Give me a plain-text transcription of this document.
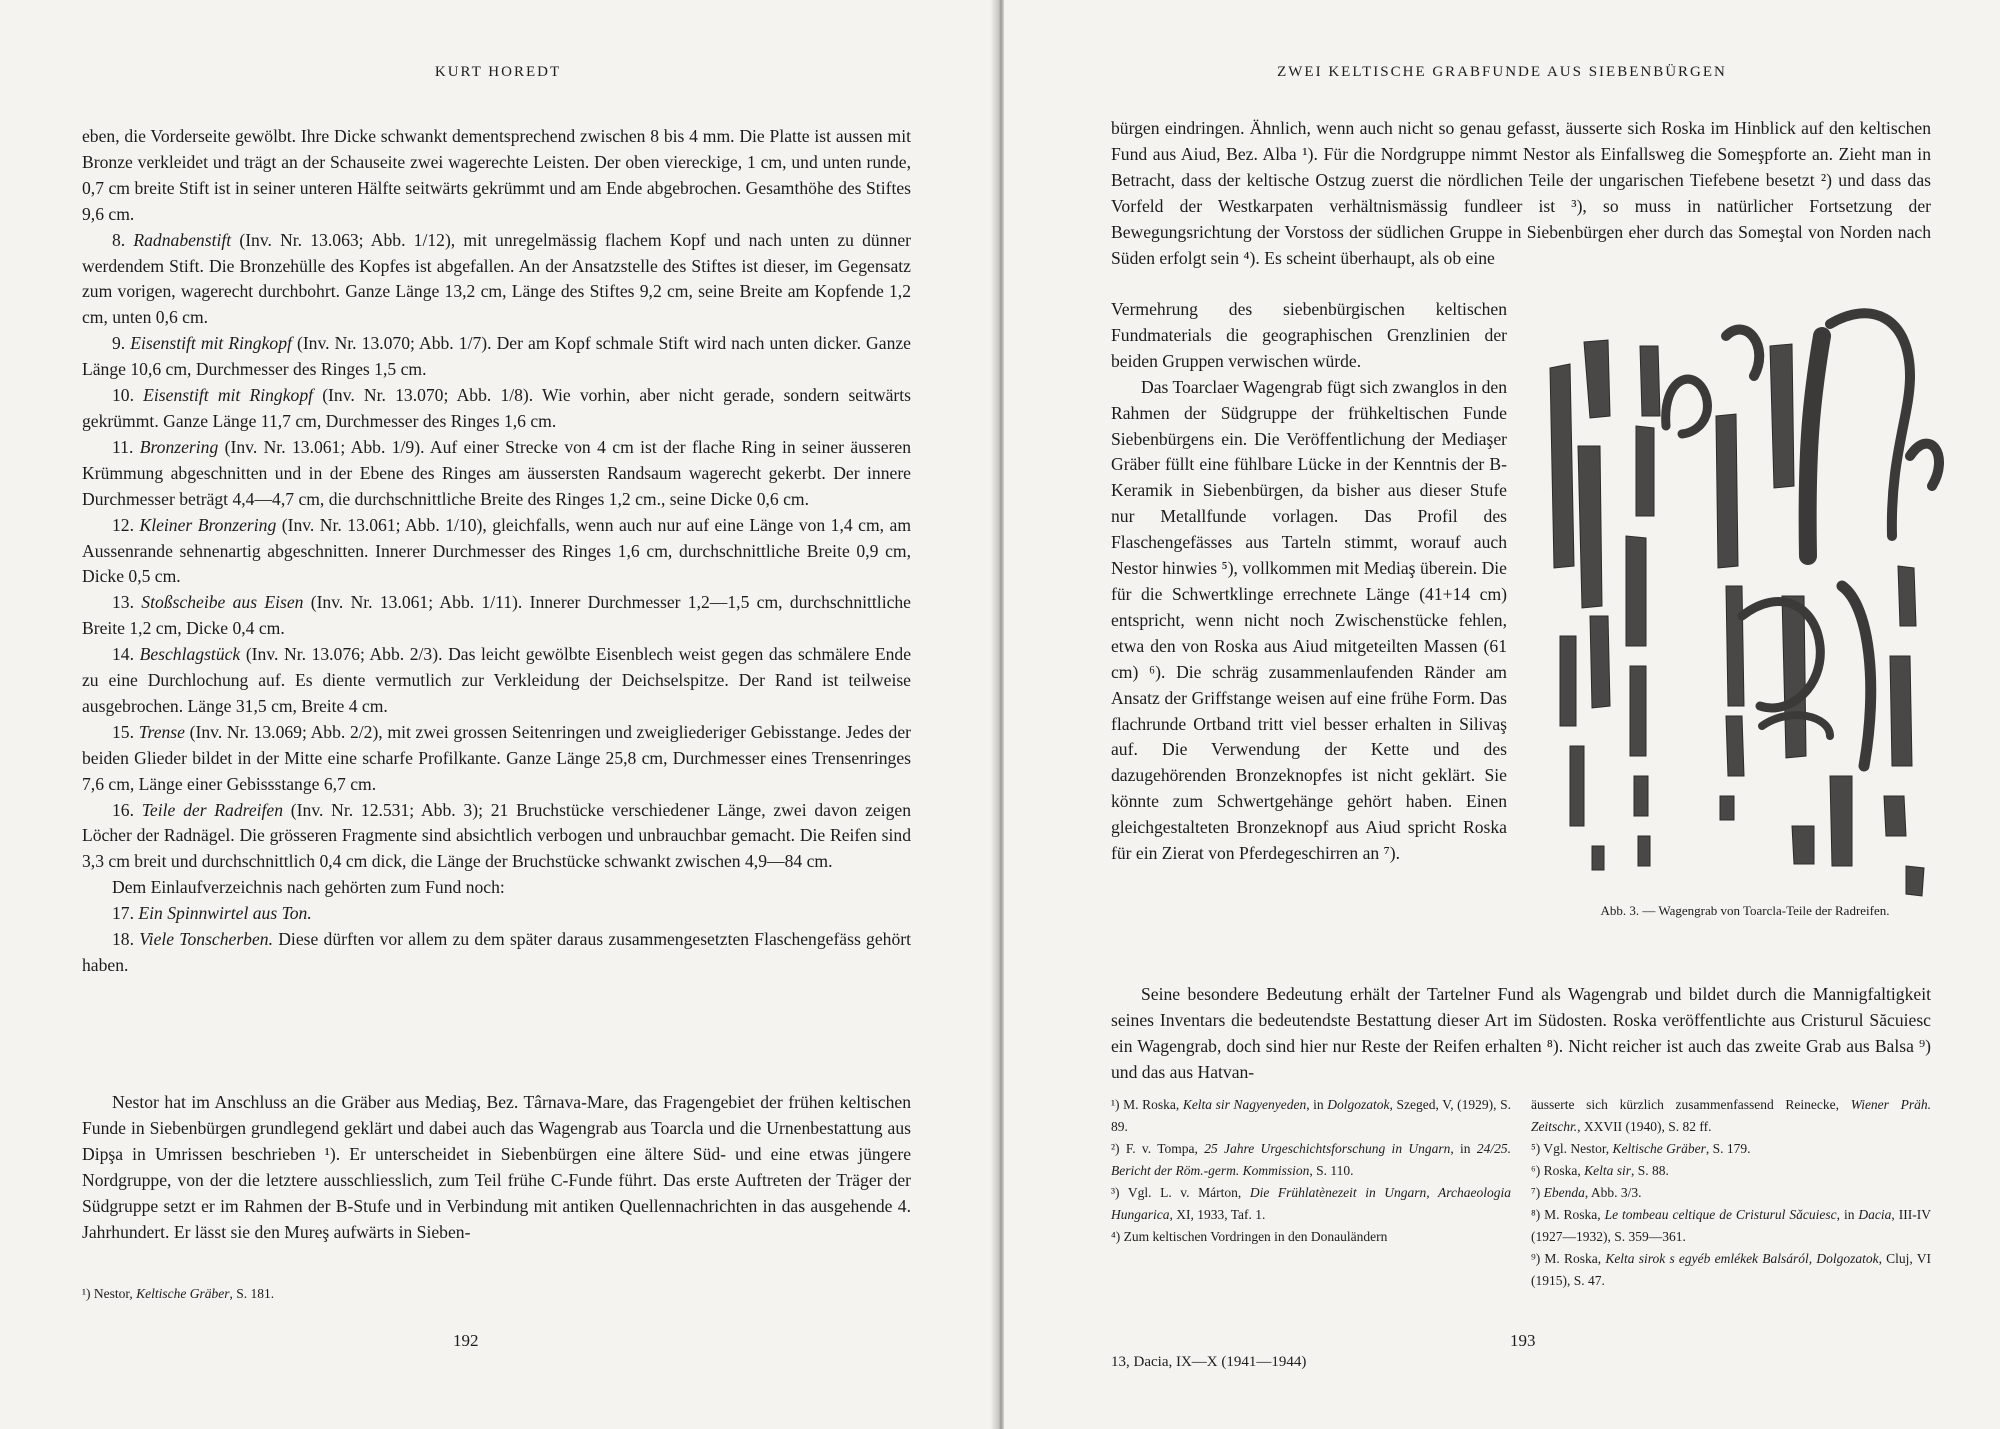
KURT HOREDT

eben, die Vorderseite gewölbt. Ihre Dicke schwankt dementsprechend zwischen 8 bis 4 mm. Die Platte ist aussen mit Bronze verkleidet und trägt an der Schauseite zwei wagerechte Leisten. Der oben viereckige, 1 cm, und unten runde, 0,7 cm breite Stift ist in seiner unteren Hälfte seitwärts gekrümmt und am Ende abgebrochen. Gesamthöhe des Stiftes 9,6 cm.

8. Radnabenstift (Inv. Nr. 13.063; Abb. 1/12), mit unregelmässig flachem Kopf und nach unten zu dünner werdendem Stift. Die Bronzehülle des Kopfes ist abgefallen. An der Ansatzstelle des Stiftes ist dieser, im Gegensatz zum vorigen, wagerecht durchbohrt. Ganze Länge 13,2 cm, Länge des Stiftes 9,2 cm, seine Breite am Kopfende 1,2 cm, unten 0,6 cm.

9. Eisenstift mit Ringkopf (Inv. Nr. 13.070; Abb. 1/7). Der am Kopf schmale Stift wird nach unten dicker. Ganze Länge 10,6 cm, Durchmesser des Ringes 1,5 cm.

10. Eisenstift mit Ringkopf (Inv. Nr. 13.070; Abb. 1/8). Wie vorhin, aber nicht gerade, sondern seitwärts gekrümmt. Ganze Länge 11,7 cm, Durchmesser des Ringes 1,6 cm.

11. Bronzering (Inv. Nr. 13.061; Abb. 1/9). Auf einer Strecke von 4 cm ist der flache Ring in seiner äusseren Krümmung abgeschnitten und in der Ebene des Ringes am äussersten Randsaum wagerecht gekerbt. Der innere Durchmesser beträgt 4,4—4,7 cm, die durchschnittliche Breite des Ringes 1,2 cm., seine Dicke 0,6 cm.

12. Kleiner Bronzering (Inv. Nr. 13.061; Abb. 1/10), gleichfalls, wenn auch nur auf eine Länge von 1,4 cm, am Aussenrande sehnenartig abgeschnitten. Innerer Durchmesser des Ringes 1,6 cm, durchschnittliche Breite 0,9 cm, Dicke 0,5 cm.

13. Stoßscheibe aus Eisen (Inv. Nr. 13.061; Abb. 1/11). Innerer Durchmesser 1,2—1,5 cm, durchschnittliche Breite 1,2 cm, Dicke 0,4 cm.

14. Beschlagstück (Inv. Nr. 13.076; Abb. 2/3). Das leicht gewölbte Eisenblech weist gegen das schmälere Ende zu eine Durchlochung auf. Es diente vermutlich zur Verkleidung der Deichselspitze. Der Rand ist teilweise ausgebrochen. Länge 31,5 cm, Breite 4 cm.

15. Trense (Inv. Nr. 13.069; Abb. 2/2), mit zwei grossen Seitenringen und zweigliederiger Gebisstange. Jedes der beiden Glieder bildet in der Mitte eine scharfe Profilkante. Ganze Länge 25,8 cm, Durchmesser eines Trensenringes 7,6 cm, Länge einer Gebissstange 6,7 cm.

16. Teile der Radreifen (Inv. Nr. 12.531; Abb. 3); 21 Bruchstücke verschiedener Länge, zwei davon zeigen Löcher der Radnägel. Die grösseren Fragmente sind absichtlich verbogen und unbrauchbar gemacht. Die Reifen sind 3,3 cm breit und durchschnittlich 0,4 cm dick, die Länge der Bruchstücke schwankt zwischen 4,9—84 cm.

Dem Einlaufverzeichnis nach gehörten zum Fund noch:

17. Ein Spinnwirtel aus Ton.

18. Viele Tonscherben. Diese dürften vor allem zu dem später daraus zusammengesetzten Flaschengefäss gehört haben.

Nestor hat im Anschluss an die Gräber aus Mediaş, Bez. Târnava-Mare, das Fragengebiet der frühen keltischen Funde in Siebenbürgen grundlegend geklärt und dabei auch das Wagengrab aus Toarcla und die Urnenbestattung aus Dipşa in Umrissen beschrieben ¹). Er unterscheidet in Siebenbürgen eine ältere Süd- und eine etwas jüngere Nordgruppe, von der die letztere ausschliesslich, zum Teil frühe C-Funde führt. Das erste Auftreten der Träger der Südgruppe setzt er im Rahmen der B-Stufe und in Verbindung mit antiken Quellennachrichten in das ausgehende 4. Jahrhundert. Er lässt sie den Mureş aufwärts in Sieben-

¹) Nestor, Keltische Gräber, S. 181.

192
ZWEI KELTISCHE GRABFUNDE AUS SIEBENBÜRGEN

bürgen eindringen. Ähnlich, wenn auch nicht so genau gefasst, äusserte sich Roska im Hinblick auf den keltischen Fund aus Aiud, Bez. Alba ¹). Für die Nordgruppe nimmt Nestor als Einfallsweg die Someşpforte an. Zieht man in Betracht, dass der keltische Ostzug zuerst die nördlichen Teile der ungarischen Tiefebene besetzt ²) und dass das Vorfeld der Westkarpaten verhältnismässig fundleer ist ³), so muss in natürlicher Fortsetzung der Bewegungsrichtung der Vorstoss der südlichen Gruppe in Siebenbürgen eher durch das Someştal von Norden nach Süden erfolgt sein ⁴). Es scheint überhaupt, als ob eine

Vermehrung des siebenbürgischen keltischen Fundmaterials die geographischen Grenzlinien der beiden Gruppen verwischen würde.

Das Toarclaer Wagengrab fügt sich zwanglos in den Rahmen der Südgruppe der frühkeltischen Funde Siebenbürgens ein. Die Veröffentlichung der Mediaşer Gräber füllt eine fühlbare Lücke in der Kenntnis der B-Keramik in Siebenbürgen, da bisher aus dieser Stufe nur Metallfunde vorlagen. Das Profil des Flaschengefässes aus Tarteln stimmt, worauf auch Nestor hinwies ⁵), vollkommen mit Mediaş überein. Die für die Schwertklinge errechnete Länge (41+14 cm) entspricht, wenn nicht noch Zwischenstücke fehlen, etwa den von Roska aus Aiud mitgeteilten Massen (61 cm) ⁶). Die schräg zusammenlaufenden Ränder am Ansatz der Griffstange weisen auf eine frühe Form. Das flachrunde Ortband tritt viel besser erhalten in Silivaş auf. Die Verwendung der Kette und des dazugehörenden Bronzeknopfes ist nicht geklärt. Sie könnte zum Schwertgehänge gehört haben. Einen gleichgestalteten Bronzeknopf aus Aiud spricht Roska für ein Zierat von Pferdegeschirren an ⁷).

Abb. 3. — Wagengrab von Toarcla-Teile der Radreifen.

Seine besondere Bedeutung erhält der Tartelner Fund als Wagengrab und bildet durch die Mannigfaltigkeit seines Inventars die bedeutendste Bestattung dieser Art im Südosten. Roska veröffentlichte aus Cristurul Săcuiesc ein Wagengrab, doch sind hier nur Reste der Reifen erhalten ⁸). Nicht reicher ist auch das zweite Grab aus Balsa ⁹) und das aus Hatvan-

¹) M. Roska, Kelta sir Nagyenyeden, in Dolgozatok, Szeged, V, (1929), S. 89.

²) F. v. Tompa, 25 Jahre Urgeschichtsforschung in Ungarn, in 24/25. Bericht der Röm.-germ. Kommission, S. 110.

³) Vgl. L. v. Márton, Die Frühlatènezeit in Ungarn, Archaeologia Hungarica, XI, 1933, Taf. 1.

⁴) Zum keltischen Vordringen in den Donauländern

äusserte sich kürzlich zusammenfassend Reinecke, Wiener Präh. Zeitschr., XXVII (1940), S. 82 ff.

⁵) Vgl. Nestor, Keltische Gräber, S. 179.

⁶) Roska, Kelta sir, S. 88.

⁷) Ebenda, Abb. 3/3.

⁸) M. Roska, Le tombeau celtique de Cristurul Săcuiesc, in Dacia, III-IV (1927—1932), S. 359—361.

⁹) M. Roska, Kelta sirok s egyéb emlékek Balsáról, Dolgozatok, Cluj, VI (1915), S. 47.

13, Dacia, IX—X (1941—1944)
193
